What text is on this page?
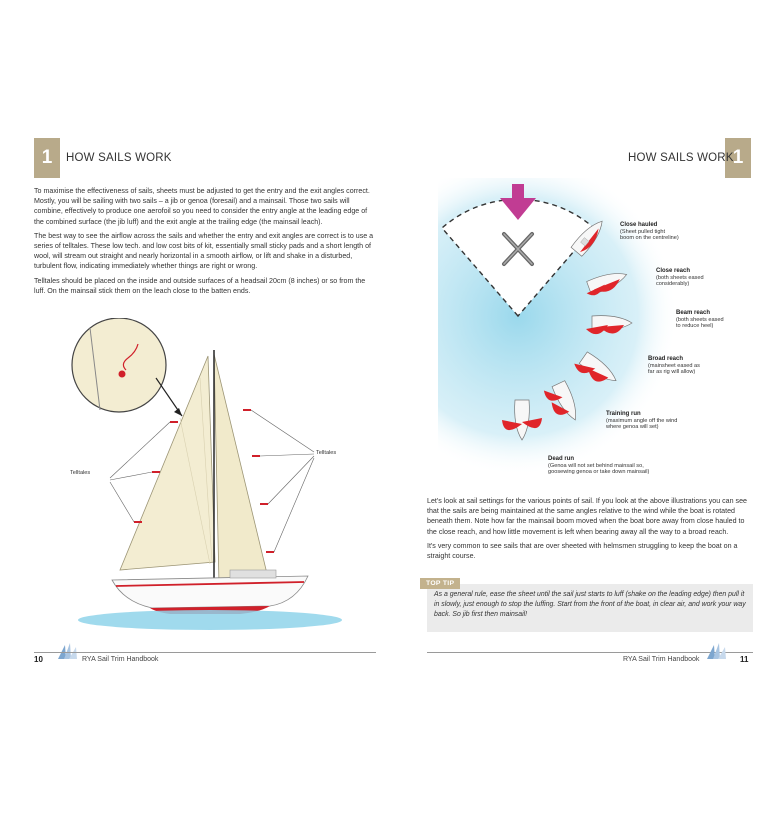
1 HOW SAILS WORK

To maximise the effectiveness of sails, sheets must be adjusted to get the entry and the exit angles correct. Mostly, you will be sailing with two sails – a jib or genoa (foresail) and a mainsail. Those two sails will combine, effectively to produce one aerofoil so you need to consider the entry angle at the leading edge of the combined surface (the jib luff) and the exit angle at the trailing edge (the mainsail leach).

The best way to see the airflow across the sails and whether the entry and exit angles are correct is to use a series of telltales. These low tech. and low cost bits of kit, essentially small sticky pads and a short length of wool, will stream out straight and nearly horizontal in a smooth airflow, or lift and shake in a disturbed, turbulent flow, indicating immediately whether things are right or wrong.

Telltales should be placed on the inside and outside surfaces of a headsail 20cm (8 inches) or so from the luff. On the mainsail stick them on the leach close to the batten ends.

Telltales
Telltales
10	RYA Sail Trim Handbook
1
HOW SAILS WORK
Close hauled
(Sheet pulled tight
boom on the centreline)
Close reach
(both sheets eased
considerably)
Beam reach
(both sheets eased
to reduce heel)
Broad reach
(mainsheet eased as
far as rig will allow)
Training run
(maximum angle off the wind
where genoa will set)
Dead run
(Genoa will not set behind mainsail so,
goosewing genoa or take down mainsail)

Let's look at sail settings for the various points of sail. If you look at the above illustrations you can see that the sails are being maintained at the same angles relative to the wind while the boat is rotated beneath them. Note how far the mainsail boom moved when the boat bore away from close hauled to the close reach, and how little movement is left when bearing away all the way to a broad reach.

It's very common to see sails that are over sheeted with helmsmen struggling to keep the boat on a straight course.

TOP TIP
As a general rule, ease the sheet until the sail just starts to luff (shake on the leading edge) then pull it in slowly, just enough to stop the luffing. Start from the front of the boat, in clear air, and work your way back. So jib first then mainsail!
RYA Sail Trim Handbook	11
